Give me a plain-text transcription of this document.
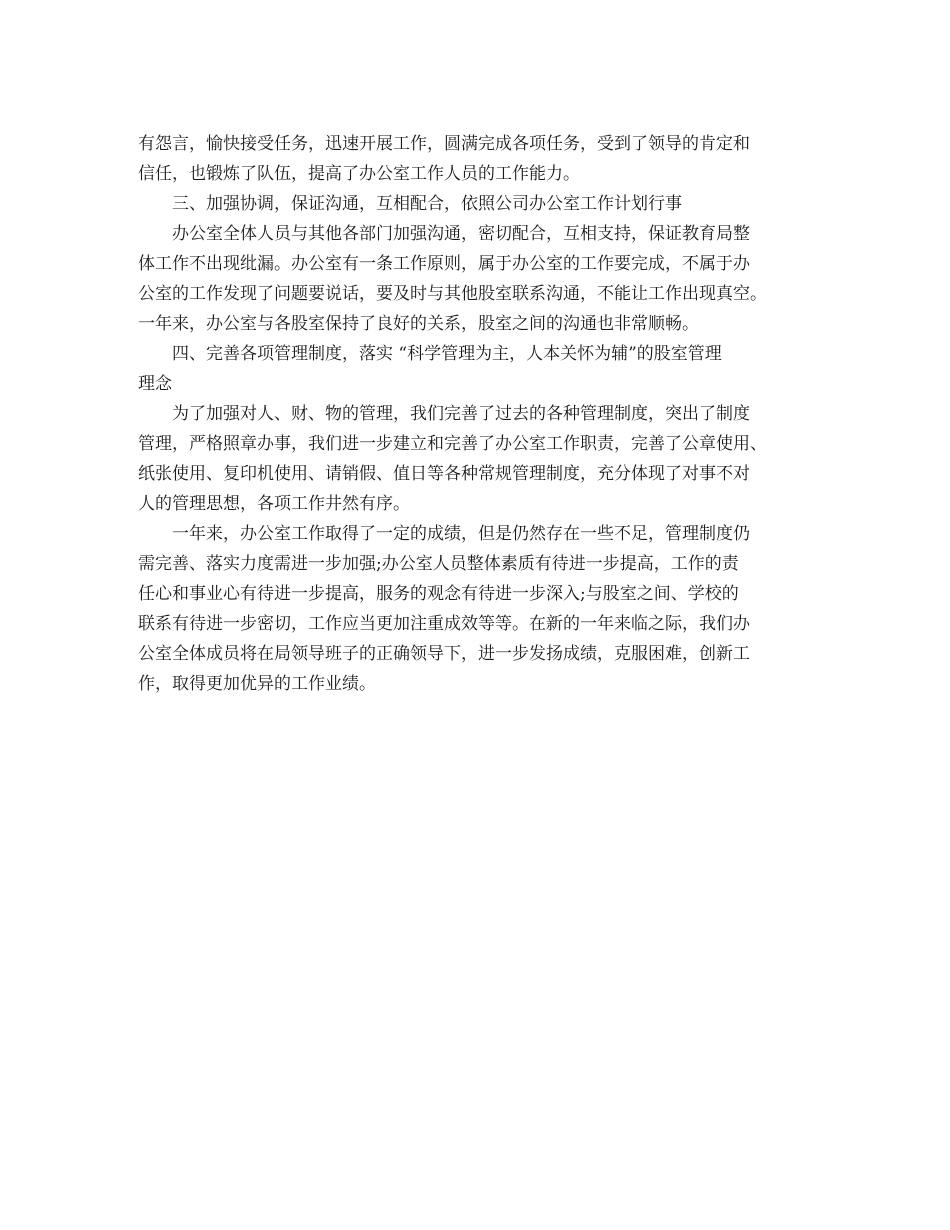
有怨言，愉快接受任务，迅速开展工作，圆满完成各项任务，受到了领导的肯定和
信任，也锻炼了队伍，提高了办公室工作人员的工作能力。
三、加强协调，保证沟通，互相配合，依照公司办公室工作计划行事
办公室全体人员与其他各部门加强沟通，密切配合，互相支持，保证教育局整
体工作不出现纰漏。办公室有一条工作原则，属于办公室的工作要完成，不属于办
公室的工作发现了问题要说话，要及时与其他股室联系沟通，不能让工作出现真空。
一年来，办公室与各股室保持了良好的关系，股室之间的沟通也非常顺畅。
四、完善各项管理制度，落实 “科学管理为主，人本关怀为辅”的股室管理
理念
为了加强对人、财、物的管理，我们完善了过去的各种管理制度，突出了制度
管理，严格照章办事，我们进一步建立和完善了办公室工作职责，完善了公章使用、
纸张使用、复印机使用、请销假、值日等各种常规管理制度，充分体现了对事不对
人的管理思想，各项工作井然有序。
一年来，办公室工作取得了一定的成绩，但是仍然存在一些不足，管理制度仍
需完善、落实力度需进一步加强;办公室人员整体素质有待进一步提高，工作的责
任心和事业心有待进一步提高，服务的观念有待进一步深入;与股室之间、学校的
联系有待进一步密切，工作应当更加注重成效等等。在新的一年来临之际，我们办
公室全体成员将在局领导班子的正确领导下，进一步发扬成绩，克服困难，创新工
作，取得更加优异的工作业绩。
